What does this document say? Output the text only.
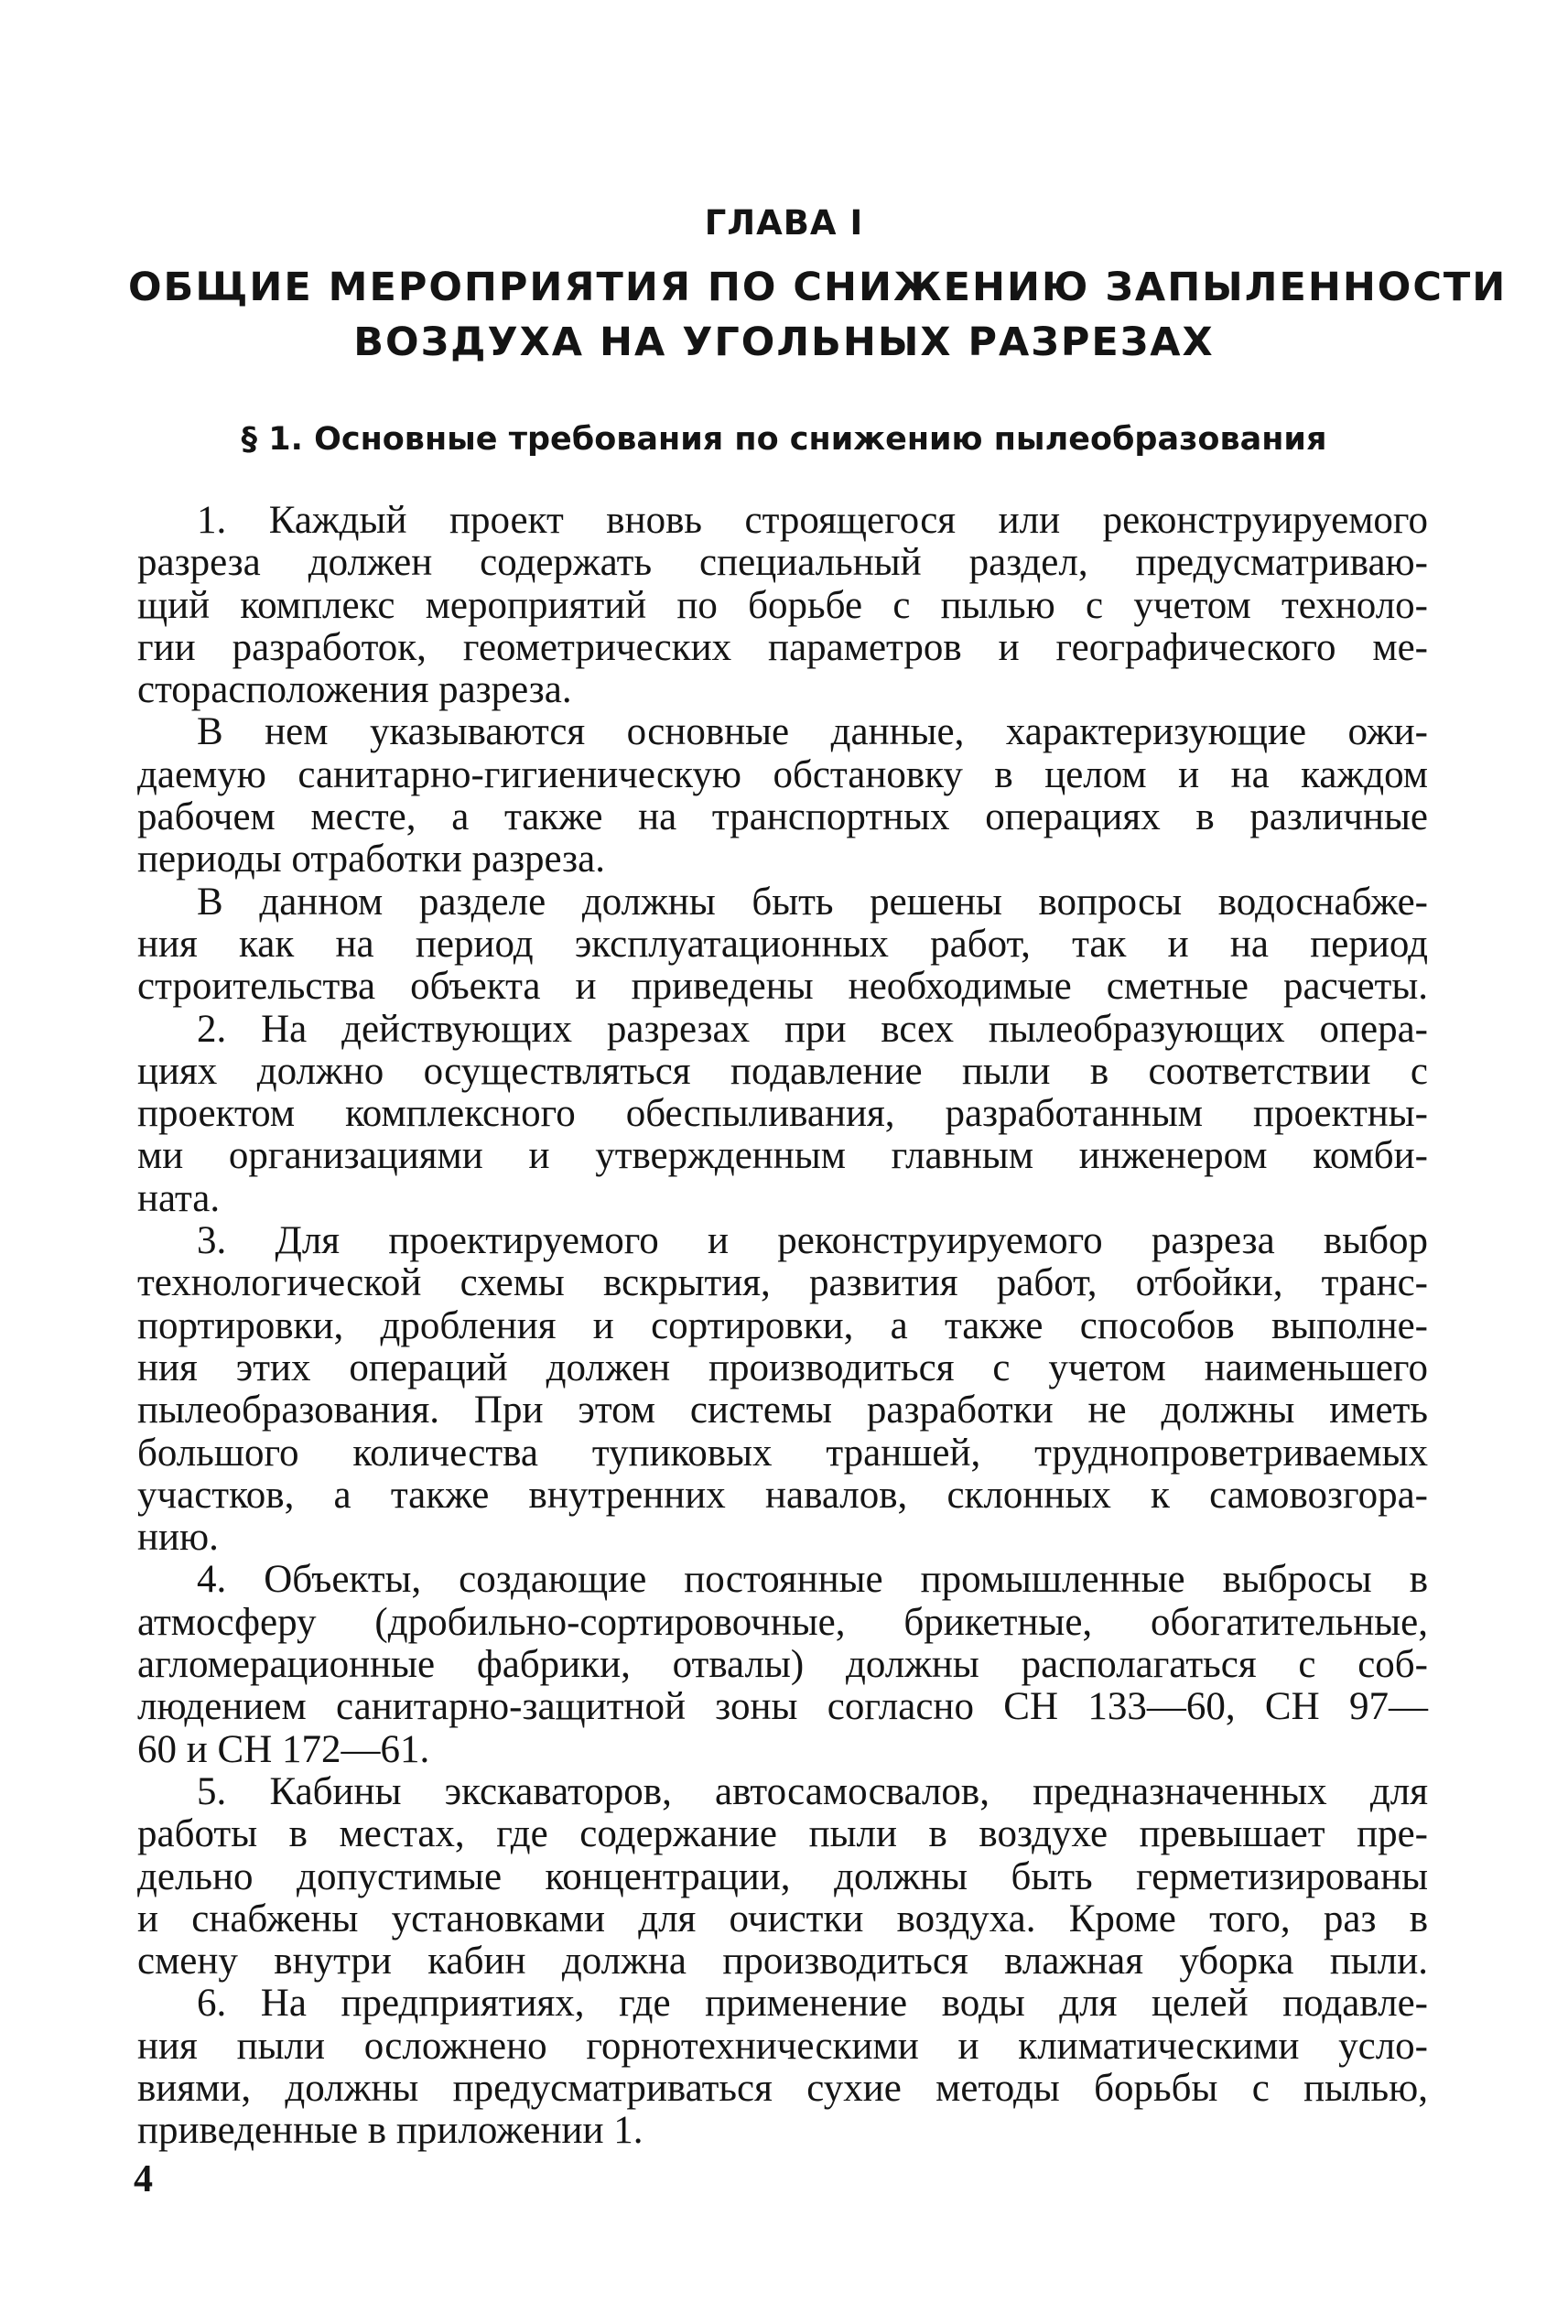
ГЛАВА I
ОБЩИЕ МЕРОПРИЯТИЯ ПО СНИЖЕНИЮ ЗАПЫЛЕННОСТИ
ВОЗДУХА НА УГОЛЬНЫХ РАЗРЕЗАХ
§ 1. Основные требования по снижению пылеобразования
1. Каждый проект вновь строящегося или реконструируемого
разреза должен содержать специальный раздел, предусматриваю-
щий комплекс мероприятий по борьбе с пылью с учетом техноло-
гии разработок, геометрических параметров и географического ме-
сторасположения разреза.
В нем указываются основные данные, характеризующие ожи-
даемую санитарно-гигиеническую обстановку в целом и на каждом
рабочем месте, а также на транспортных операциях в различные
периоды отработки разреза.
В данном разделе должны быть решены вопросы водоснабже-
ния как на период эксплуатационных работ, так и на период
строительства объекта и приведены необходимые сметные расчеты.
2. На действующих разрезах при всех пылеобразующих опера-
циях должно осуществляться подавление пыли в соответствии с
проектом комплексного обеспыливания, разработанным проектны-
ми организациями и утвержденным главным инженером комби-
ната.
3. Для проектируемого и реконструируемого разреза выбор
технологической схемы вскрытия, развития работ, отбойки, транс-
портировки, дробления и сортировки, а также способов выполне-
ния этих операций должен производиться с учетом наименьшего
пылеобразования. При этом системы разработки не должны иметь
большого количества тупиковых траншей, труднопроветриваемых
участков, а также внутренних навалов, склонных к самовозгора-
нию.
4. Объекты, создающие постоянные промышленные выбросы в
атмосферу (дробильно-сортировочные, брикетные, обогатительные,
агломерационные фабрики, отвалы) должны располагаться с соб-
людением санитарно-защитной зоны согласно СН 133—60, СН 97—
60 и СН 172—61.
5. Кабины экскаваторов, автосамосвалов, предназначенных для
работы в местах, где содержание пыли в воздухе превышает пре-
дельно допустимые концентрации, должны быть герметизированы
и снабжены установками для очистки воздуха. Кроме того, раз в
смену внутри кабин должна производиться влажная уборка пыли.
6. На предприятиях, где применение воды для целей подавле-
ния пыли осложнено горнотехническими и климатическими усло-
виями, должны предусматриваться сухие методы борьбы с пылью,
приведенные в приложении 1.
4
